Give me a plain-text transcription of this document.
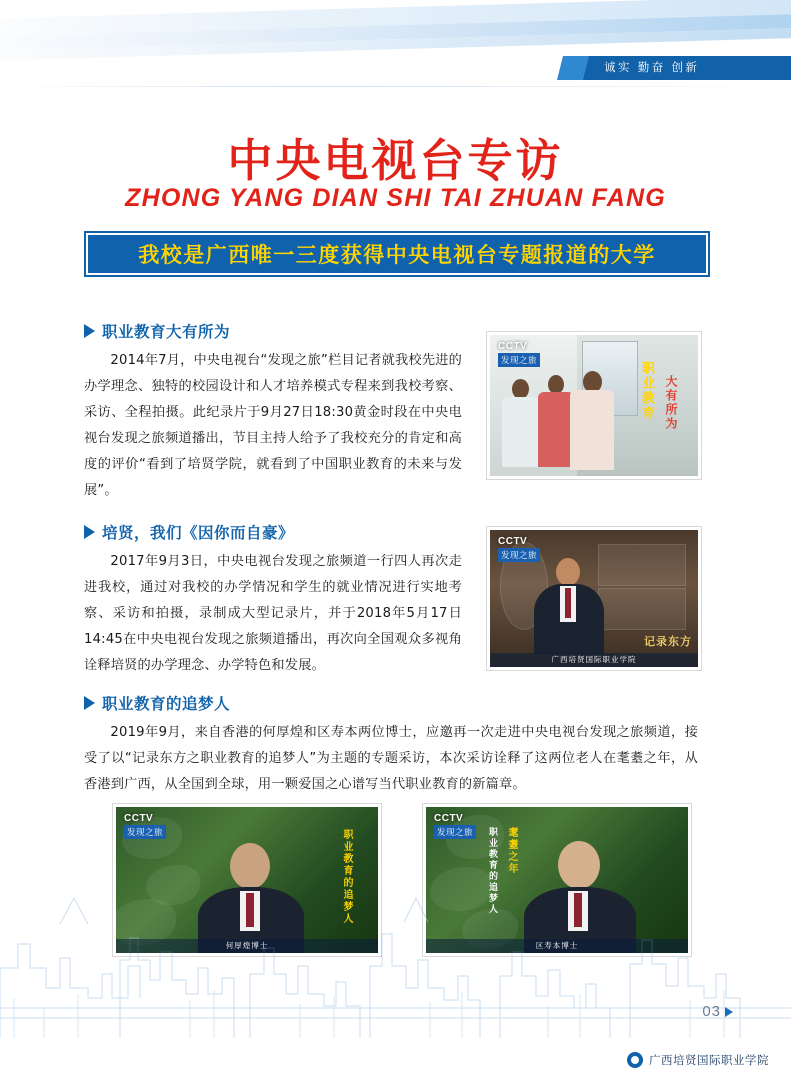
诚实 勤奋 创新
中央电视台专访
ZHONG YANG DIAN SHI TAI ZHUAN FANG
我校是广西唯一三度获得中央电视台专题报道的大学
职业教育大有所为
2014年7月，中央电视台“发现之旅”栏目记者就我校先进的办学理念、独特的校园设计和人才培养模式专程来到我校考察、采访、全程拍摄。此纪录片于9月27日18:30黄金时段在中央电视台发现之旅频道播出，节目主持人给予了我校充分的肯定和高度的评价“看到了培贤学院，就看到了中国职业教育的未来与发展”。
CCTV
发现之旅	职业教育 大有所为
培贤，我们《因你而自豪》
2017年9月3日，中央电视台发现之旅频道一行四人再次走进我校，通过对我校的办学情况和学生的就业情况进行实地考察、采访和拍摄，录制成大型记录片，并于2018年5月17日14:45在中央电视台发现之旅频道播出，再次向全国观众多视角诠释培贤的办学理念、办学特色和发展。
CCTV
发现之旅
记录东方
广西培贤国际职业学院
职业教育的追梦人
2019年9月，来自香港的何厚煌和区寿本两位博士，应邀再一次走进中央电视台发现之旅频道，接受了以“记录东方之职业教育的追梦人”为主题的专题采访，本次采访诠释了这两位老人在耄耋之年，从香港到广西，从全国到全球，用一颗爱国之心谱写当代职业教育的新篇章。
CCTV
发现之旅	职业教育的追梦人
何厚煌博士
CCTV
发现之旅	耄耋之年
职业教育的追梦人
区寿本博士
03
广西培贤国际职业学院
